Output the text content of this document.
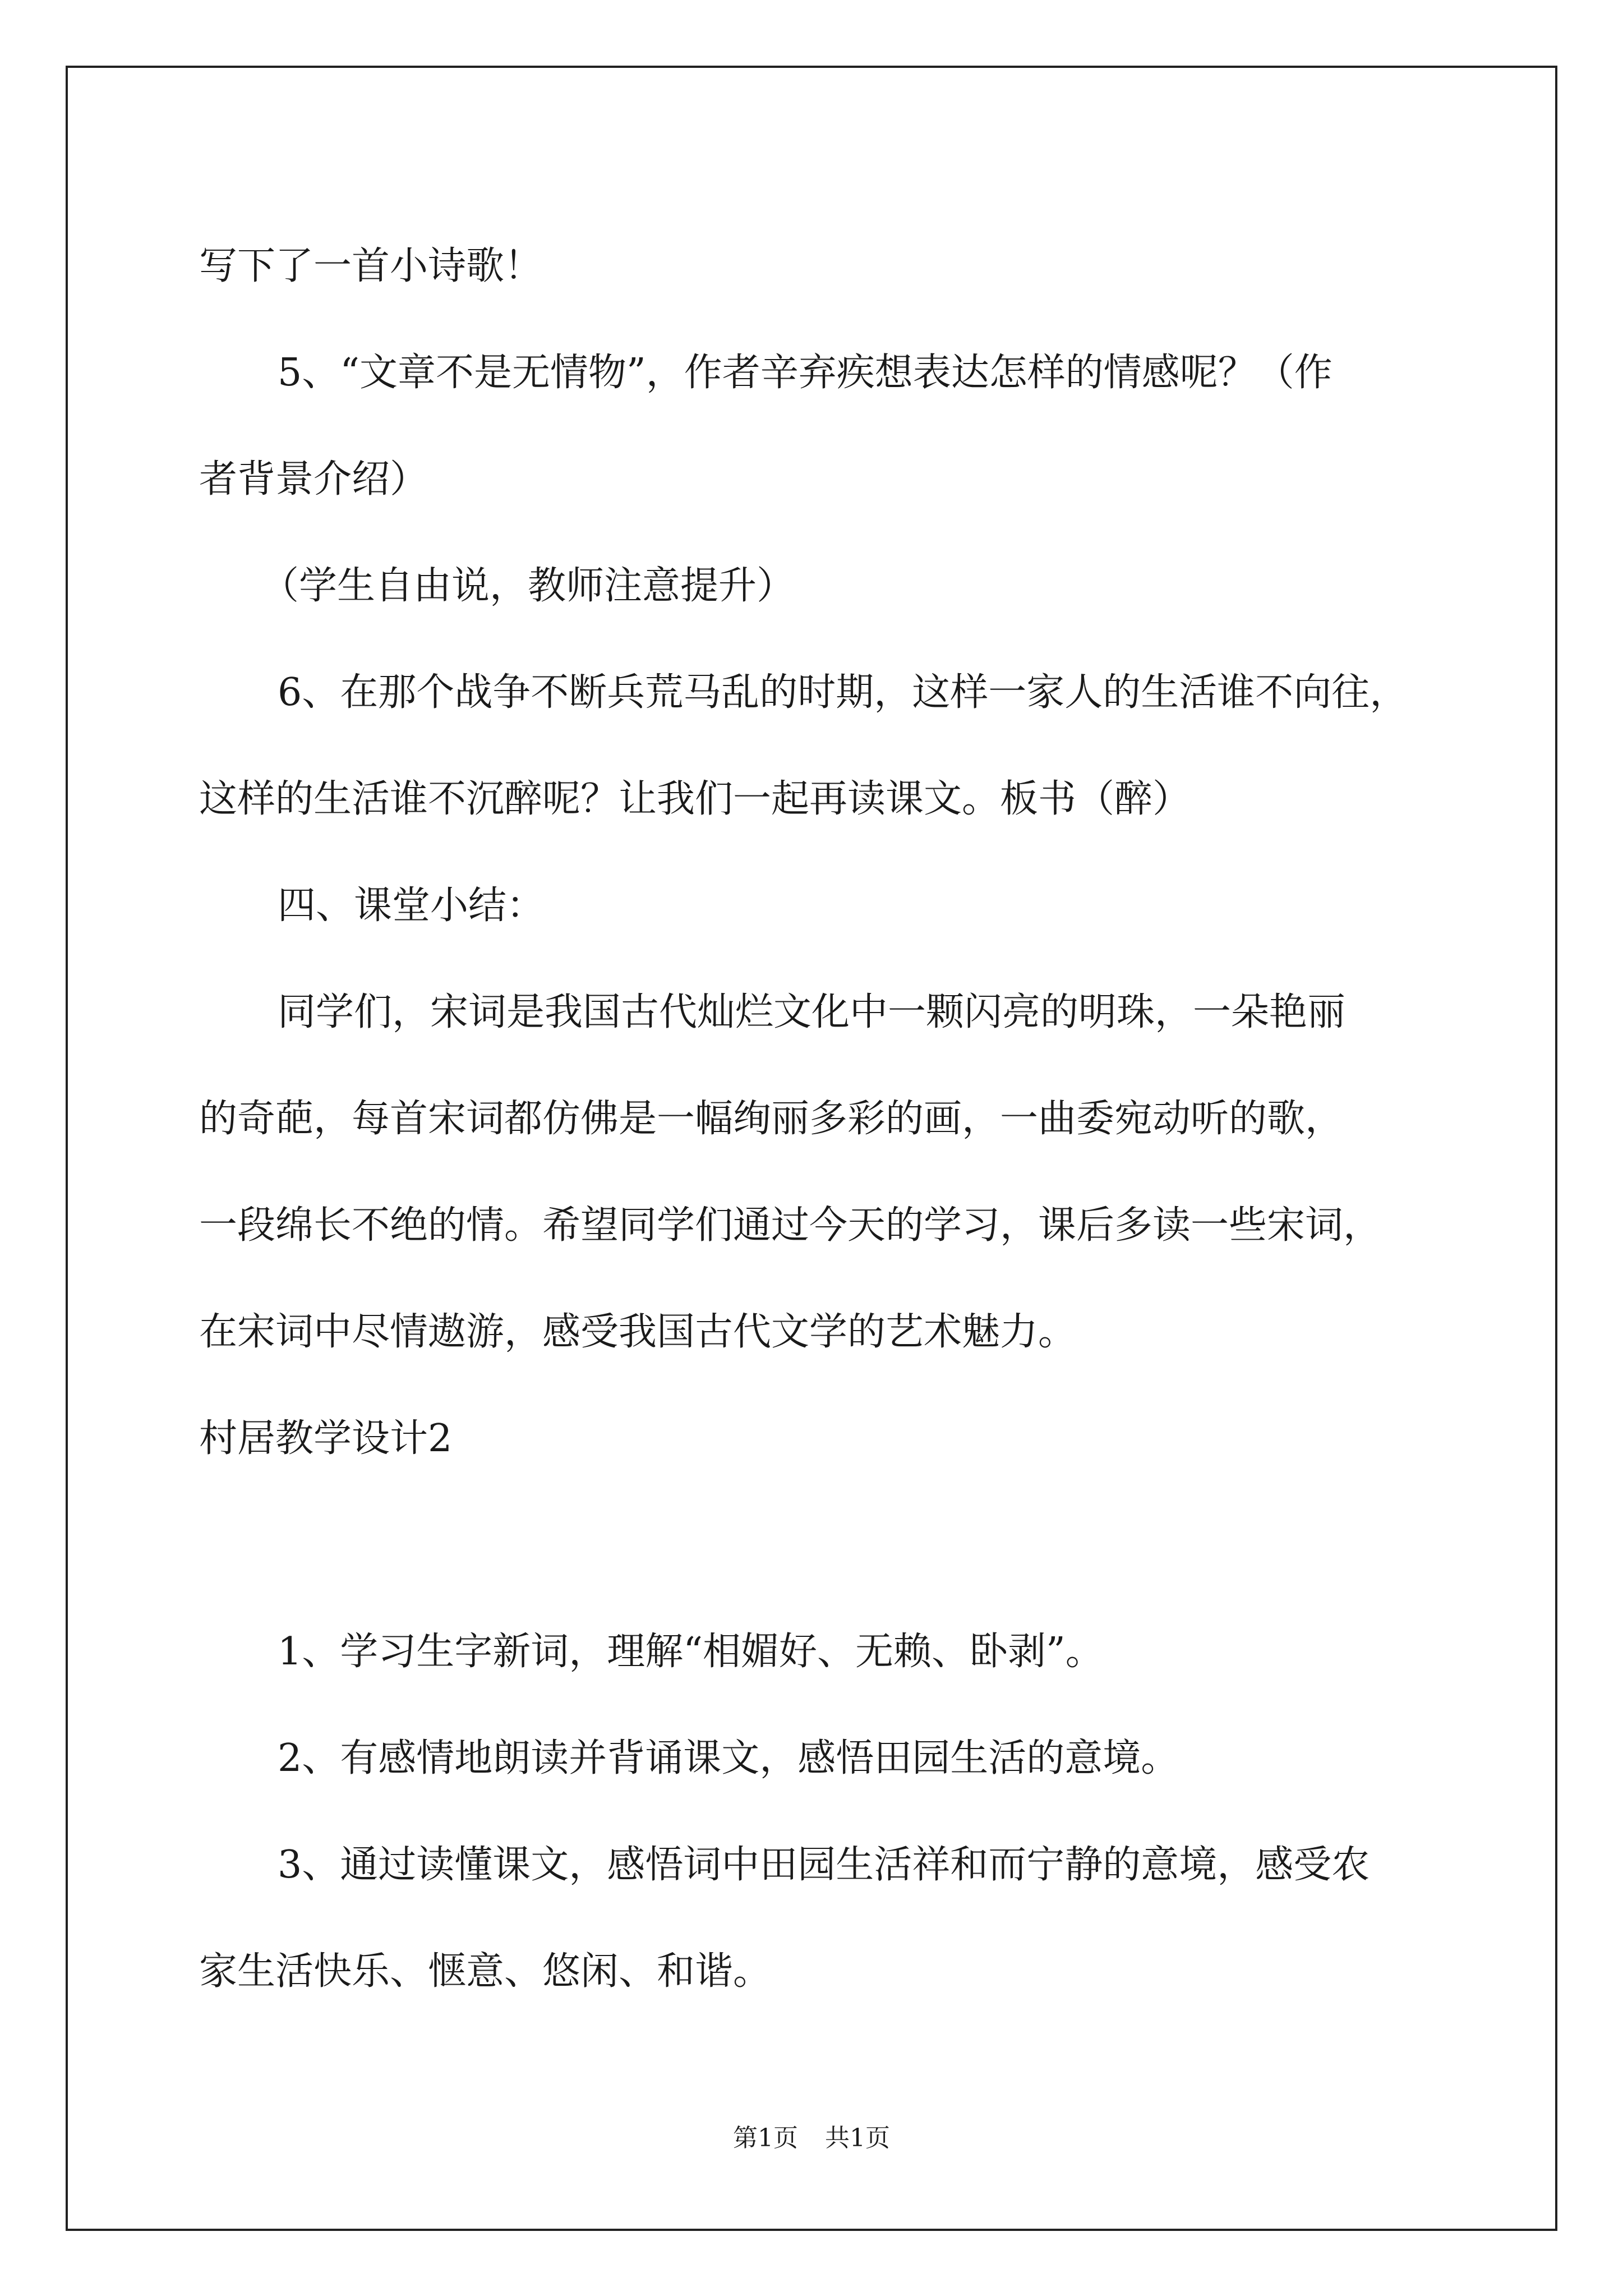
写下了一首小诗歌！

5、“文章不是无情物”，作者辛弃疾想表达怎样的情感呢？（作

者背景介绍）

（学生自由说，教师注意提升）

6、在那个战争不断兵荒马乱的时期，这样一家人的生活谁不向往，

这样的生活谁不沉醉呢？让我们一起再读课文。板书（醉）

四、课堂小结：

同学们，宋词是我国古代灿烂文化中一颗闪亮的明珠，一朵艳丽

的奇葩，每首宋词都仿佛是一幅绚丽多彩的画，一曲委宛动听的歌，

一段绵长不绝的情。希望同学们通过今天的学习，课后多读一些宋词，

在宋词中尽情遨游，感受我国古代文学的艺术魅力。

村居教学设计2

1、学习生字新词，理解“相媚好、无赖、卧剥”。

2、有感情地朗读并背诵课文，感悟田园生活的意境。

3、通过读懂课文，感悟词中田园生活祥和而宁静的意境，感受农

家生活快乐、惬意、悠闲、和谐。

第1页 共1页
